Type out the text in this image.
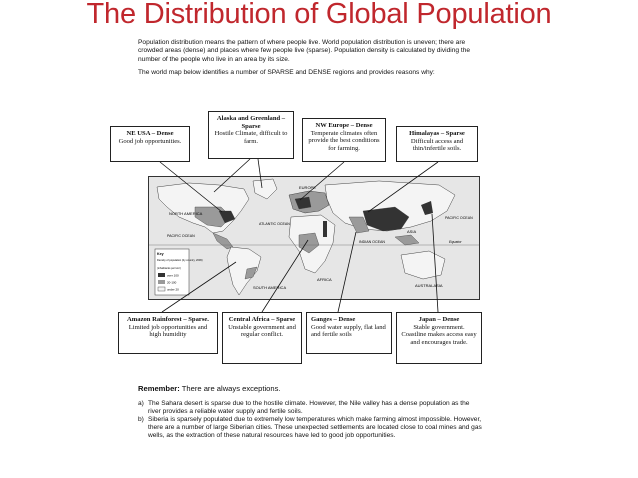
The Distribution of Global Population

Population distribution means the pattern of where people live. World population distribution is uneven; there are crowded areas (dense) and places where few people live (sparse). Population density is calculated by dividing the number of the people who live in an area by its size.

The world map below identifies a number of SPARSE and DENSE regions and provides reasons why:

NE USA – Dense
Good job opportunities.
Alaska and Greenland – Sparse
Hostile Climate, difficult to farm.
NW Europe – Dense
Temperate climates often provide the best conditions for farming.
Himalayas – Sparse
Difficult access and thin/infertile soils.
NORTH AMERICA
EUROPE
ASIA
ATLANTIC OCEAN
PACIFIC OCEAN
PACIFIC OCEAN
INDIAN OCEAN
SOUTH AMERICA
AFRICA
AUSTRALASIA
Equator
Key
Density of population (by country, 2006)
(inhabitants per km²)
over 100
20-100
under 20
Amazon Rainforest – Sparse. Limited job opportunities and high humidity
Central Africa – Sparse
Unstable government and regular conflict.
Ganges – Dense
Good water supply, flat land and fertile soils
Japan – Dense
Stable government. Coastline makes access easy and encourages trade.
Remember: There are always exceptions.
a) The Sahara desert is sparse due to the hostile climate. However, the Nile valley has a dense population as the river provides a reliable water supply and fertile soils.
b) Siberia is sparsely populated due to extremely low temperatures which make farming almost impossible. However, there are a number of large Siberian cities. These unexpected settlements are located close to coal mines and gas wells, as the extraction of these natural resources have led to good job opportunities.
